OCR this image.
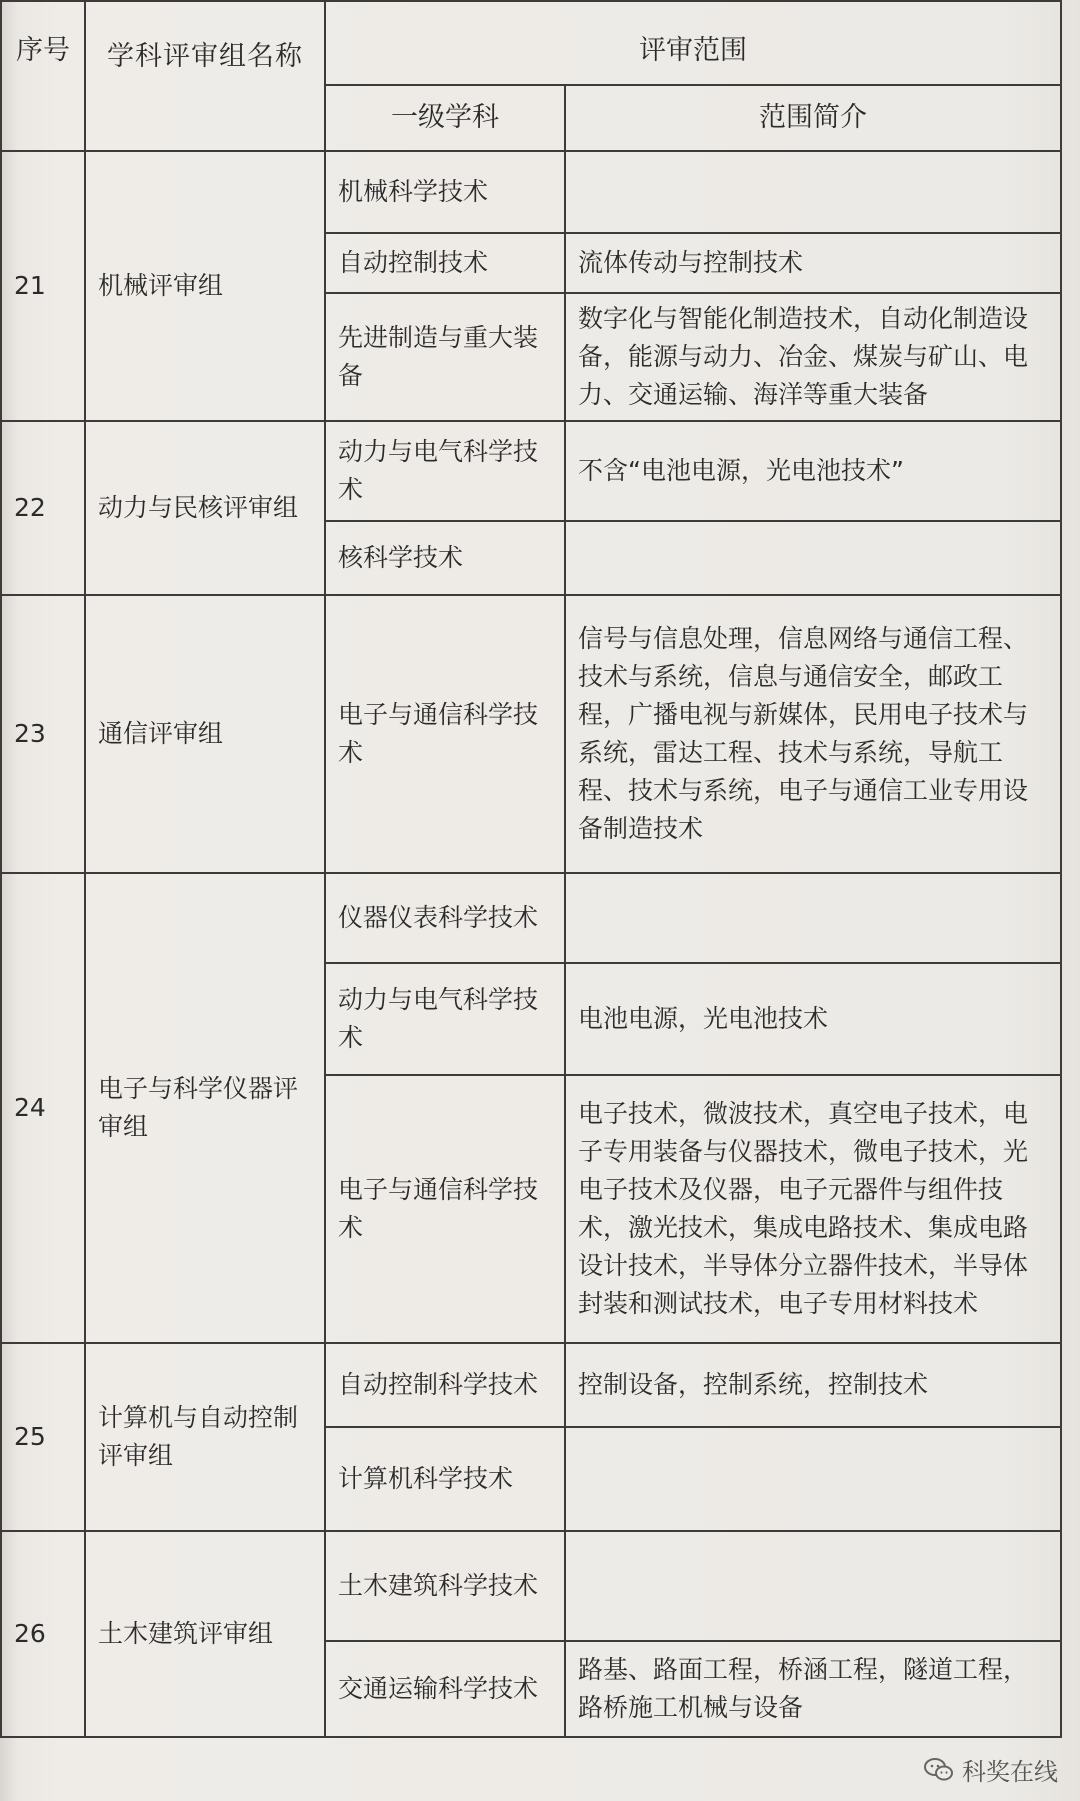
序号	学科评审组名称	评审范围	
		一级学科	范围简介
21	机械评审组	机械科学技术	
		自动控制技术	流体传动与控制技术
		先进制造与重大装备	数字化与智能化制造技术，自动化制造设备，能源与动力、冶金、煤炭与矿山、电力、交通运输、海洋等重大装备
22	动力与民核评审组	动力与电气科学技术	不含“电池电源，光电池技术”
		核科学技术	
23	通信评审组	电子与通信科学技术	信号与信息处理，信息网络与通信工程、技术与系统，信息与通信安全，邮政工程，广播电视与新媒体，民用电子技术与系统，雷达工程、技术与系统，导航工程、技术与系统，电子与通信工业专用设备制造技术
24	电子与科学仪器评审组	仪器仪表科学技术	
		动力与电气科学技术	电池电源，光电池技术
		电子与通信科学技术	电子技术，微波技术，真空电子技术，电子专用装备与仪器技术，微电子技术，光电子技术及仪器，电子元器件与组件技术，激光技术，集成电路技术、集成电路设计技术，半导体分立器件技术，半导体封装和测试技术，电子专用材料技术
25	计算机与自动控制评审组	自动控制科学技术	控制设备，控制系统，控制技术
		计算机科学技术	
26	土木建筑评审组	土木建筑科学技术	
		交通运输科学技术	路基、路面工程，桥涵工程，隧道工程，路桥施工机械与设备
科奖在线
